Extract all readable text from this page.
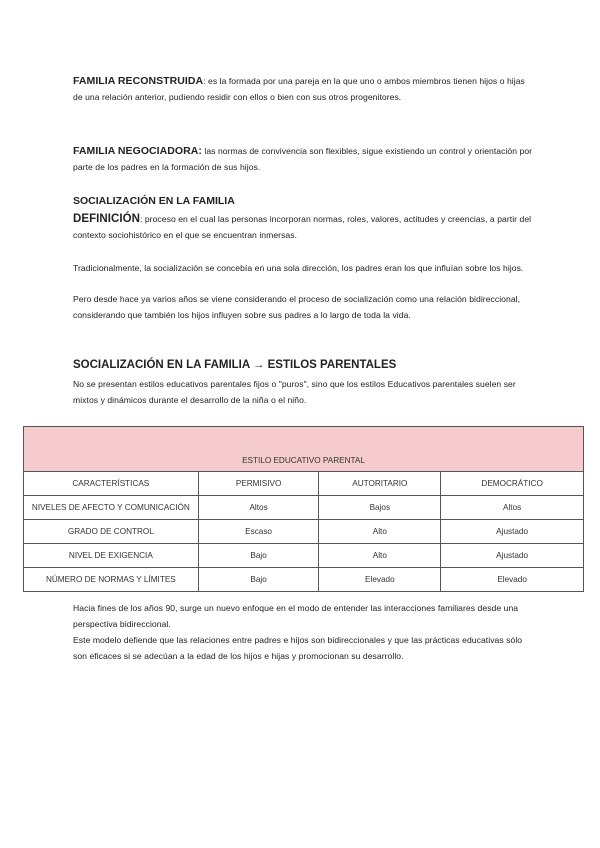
FAMILIA RECONSTRUIDA: es la formada por una pareja en la que uno o ambos miembros tienen hijos o hijas de una relación anterior, pudiendo residir con ellos o bien con sus otros progenitores.
FAMILIA NEGOCIADORA: las normas de convivencia son flexibles, sigue existiendo un control y orientación por parte de los padres en la formación de sus hijos.
SOCIALIZACIÓN EN LA FAMILIA
DEFINICIÓN: proceso en el cual las personas incorporan normas, roles, valores, actitudes y creencias, a partir del contexto sociohistórico en el que se encuentran inmersas.
Tradicionalmente, la socialización se concebía en una sola dirección, los padres eran los que influían sobre los hijos.
Pero desde hace ya varios años se viene considerando el proceso de socialización como una relación bidireccional, considerando que también los hijos influyen sobre sus padres a lo largo de toda la vida.
SOCIALIZACIÓN EN LA FAMILIA → ESTILOS PARENTALES
No se presentan estilos educativos parentales fijos o "puros", sino que los estilos Educativos parentales suelen ser mixtos y dinámicos durante el desarrollo de la niña o el niño.
ESTILO EDUCATIVO PARENTAL			
CARACTERÍSTICAS	PERMISIVO	AUTORITARIO	DEMOCRÁTICO
NIVELES DE AFECTO Y COMUNICACIÓN	Altos	Bajos	Altos
GRADO DE CONTROL	Escaso	Alto	Ajustado
NIVEL DE EXIGENCIA	Bajo	Alto	Ajustado
NÚMERO DE NORMAS Y LÍMITES	Bajo	Elevado	Elevado
Hacia fines de los años 90, surge un nuevo enfoque en el modo de entender las interacciones familiares desde una perspectiva bidireccional.
Este modelo defiende que las relaciones entre padres e hijos son bidireccionales y que las prácticas educativas sólo son eficaces si se adecúan a la edad de los hijos e hijas y promocionan su desarrollo.
